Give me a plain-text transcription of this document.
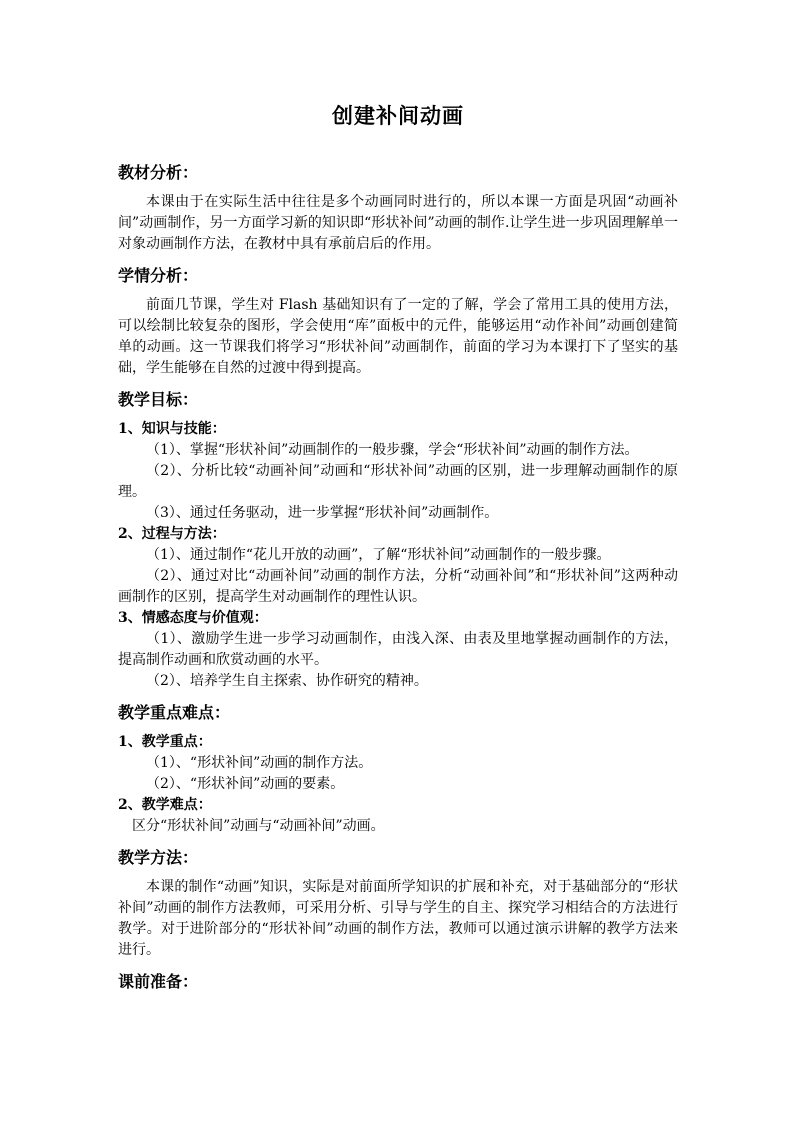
创建补间动画
教材分析：
本课由于在实际生活中往往是多个动画同时进行的，所以本课一方面是巩固“动画补间”动画制作，另一方面学习新的知识即“形状补间”动画的制作.让学生进一步巩固理解单一对象动画制作方法，在教材中具有承前启后的作用。
学情分析：
前面几节课，学生对 Flash 基础知识有了一定的了解，学会了常用工具的使用方法，可以绘制比较复杂的图形，学会使用“库”面板中的元件，能够运用“动作补间”动画创建简单的动画。这一节课我们将学习“形状补间”动画制作，前面的学习为本课打下了坚实的基础，学生能够在自然的过渡中得到提高。
教学目标：
1、知识与技能：
（1）、掌握“形状补间”动画制作的一般步骤，学会“形状补间”动画的制作方法。
（2）、分析比较“动画补间”动画和“形状补间”动画的区别，进一步理解动画制作的原理。
（3）、通过任务驱动，进一步掌握“形状补间”动画制作。
2、过程与方法：
（1）、通过制作“花儿开放的动画”，了解“形状补间”动画制作的一般步骤。
（2）、通过对比“动画补间”动画的制作方法，分析“动画补间”和“形状补间”这两种动画制作的区别，提高学生对动画制作的理性认识。
3、情感态度与价值观：
（1）、激励学生进一步学习动画制作，由浅入深、由表及里地掌握动画制作的方法，提高制作动画和欣赏动画的水平。
（2）、培养学生自主探索、协作研究的精神。
教学重点难点：
1、教学重点：
（1）、“形状补间”动画的制作方法。
（2）、“形状补间”动画的要素。
2、教学难点：
区分“形状补间”动画与“动画补间”动画。
教学方法：
本课的制作“动画”知识，实际是对前面所学知识的扩展和补充，对于基础部分的“形状补间”动画的制作方法教师，可采用分析、引导与学生的自主、探究学习相结合的方法进行教学。对于进阶部分的“形状补间”动画的制作方法，教师可以通过演示讲解的教学方法来进行。
课前准备：
